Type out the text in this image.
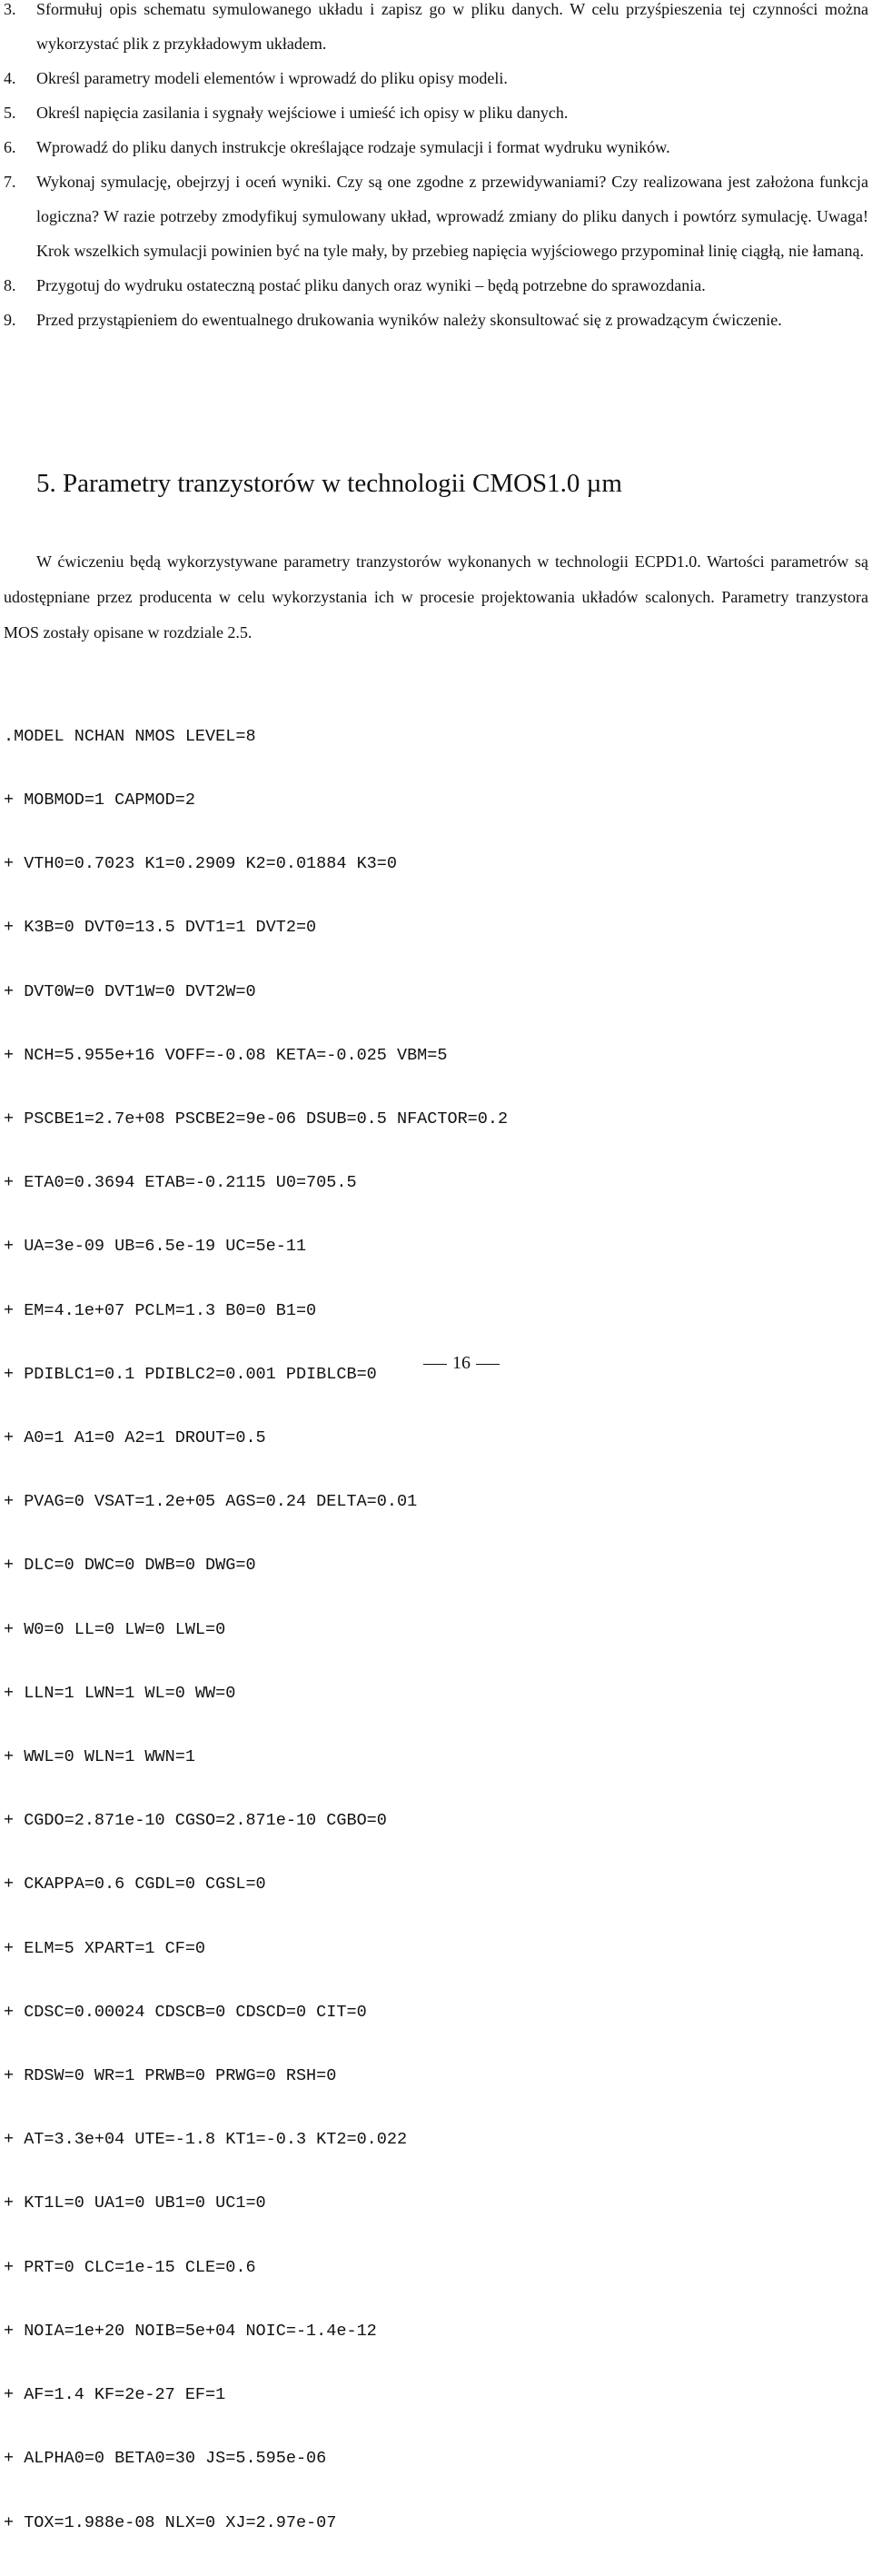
3. Sformułuj opis schematu symulowanego układu i zapisz go w pliku danych. W celu przyśpieszenia tej czynności można wykorzystać plik z przykładowym układem.
4. Określ parametry modeli elementów i wprowadź do pliku opisy modeli.
5. Określ napięcia zasilania i sygnały wejściowe i umieść ich opisy w pliku danych.
6. Wprowadź do pliku danych instrukcje określające rodzaje symulacji i format wydruku wyników.
7. Wykonaj symulację, obejrzyj i oceń wyniki. Czy są one zgodne z przewidywaniami? Czy realizowana jest założona funkcja logiczna? W razie potrzeby zmodyfikuj symulowany układ, wprowadź zmiany do pliku danych i powtórz symulację. Uwaga! Krok wszelkich symulacji powinien być na tyle mały, by przebieg napięcia wyjściowego przypominał linię ciągłą, nie łamaną.
8. Przygotuj do wydruku ostateczną postać pliku danych oraz wyniki – będą potrzebne do sprawozdania.
9. Przed przystąpieniem do ewentualnego drukowania wyników należy skonsultować się z prowadzącym ćwiczenie.
5. Parametry tranzystorów w technologii CMOS1.0 µm

W ćwiczeniu będą wykorzystywane parametry tranzystorów wykonanych w technologii ECPD1.0. Wartości parametrów są udostępniane przez producenta w celu wykorzystania ich w procesie projektowania układów scalonych. Parametry tranzystora MOS zostały opisane w rozdziale 2.5.

.MODEL NCHAN NMOS LEVEL=8

+ MOBMOD=1 CAPMOD=2

+ VTH0=0.7023 K1=0.2909 K2=0.01884 K3=0

+ K3B=0 DVT0=13.5 DVT1=1 DVT2=0

+ DVT0W=0 DVT1W=0 DVT2W=0

+ NCH=5.955e+16 VOFF=-0.08 KETA=-0.025 VBM=5

+ PSCBE1=2.7e+08 PSCBE2=9e-06 DSUB=0.5 NFACTOR=0.2

+ ETA0=0.3694 ETAB=-0.2115 U0=705.5

+ UA=3e-09 UB=6.5e-19 UC=5e-11

+ EM=4.1e+07 PCLM=1.3 B0=0 B1=0

+ PDIBLC1=0.1 PDIBLC2=0.001 PDIBLCB=0

+ A0=1 A1=0 A2=1 DROUT=0.5

+ PVAG=0 VSAT=1.2e+05 AGS=0.24 DELTA=0.01

+ DLC=0 DWC=0 DWB=0 DWG=0

+ W0=0 LL=0 LW=0 LWL=0

+ LLN=1 LWN=1 WL=0 WW=0

+ WWL=0 WLN=1 WWN=1

+ CGDO=2.871e-10 CGSO=2.871e-10 CGBO=0

+ CKAPPA=0.6 CGDL=0 CGSL=0

+ ELM=5 XPART=1 CF=0

+ CDSC=0.00024 CDSCB=0 CDSCD=0 CIT=0

+ RDSW=0 WR=1 PRWB=0 PRWG=0 RSH=0

+ AT=3.3e+04 UTE=-1.8 KT1=-0.3 KT2=0.022

+ KT1L=0 UA1=0 UB1=0 UC1=0

+ PRT=0 CLC=1e-15 CLE=0.6

+ NOIA=1e+20 NOIB=5e+04 NOIC=-1.4e-12

+ AF=1.4 KF=2e-27 EF=1

+ ALPHA0=0 BETA0=30 JS=5.595e-06

+ TOX=1.988e-08 NLX=0 XJ=2.97e-07

16
